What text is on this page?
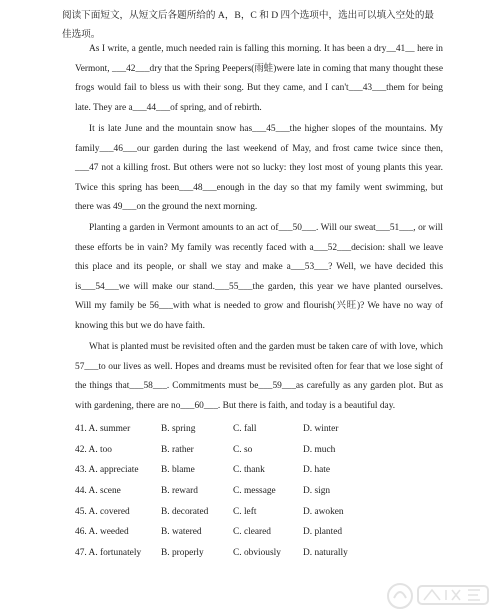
阅读下面短文，从短文后各题所给的 A，B，C 和 D 四个选项中，选出可以填入空处的最佳选项。
As I write, a gentle, much needed rain is falling this morning. It has been a dry__41__ here in Vermont, ___42___dry that the Spring Peepers(雨蛙)were late in coming that many thought these frogs would fail to bless us with their song. But they came, and I can't___43___them for being late. They are a___44___of spring, and of rebirth.
It is late June and the mountain snow has___45___the higher slopes of the mountains. My family___46___our garden during the last weekend of May, and frost came twice since then, ___47 not a killing frost. But others were not so lucky: they lost most of young plants this year. Twice this spring has been___48___enough in the day so that my family went swimming, but there was 49___on the ground the next morning.
Planting a garden in Vermont amounts to an act of___50___. Will our sweat___51___, or will these efforts be in vain? My family was recently faced with a___52___decision: shall we leave this place and its people, or shall we stay and make a___53___? Well, we have decided this is___54___we will make our stand.___55___the garden, this year we have planted ourselves. Will my family be 56___with what is needed to grow and flourish(兴旺)? We have no way of knowing this but we do have faith.
What is planted must be revisited often and the garden must be taken care of with love, which 57___to our lives as well. Hopes and dreams must be revisited often for fear that we lose sight of the things that___58___. Commitments must be___59___as carefully as any garden plot. But as with gardening, there are no___60___. But there is faith, and today is a beautiful day.
41. A. summer	B. spring	C. fall	D. winter
42. A. too	B. rather	C. so	D. much
43. A. appreciate	B. blame	C. thank	D. hate
44. A. scene	B. reward	C. message	D. sign
45. A. covered	B. decorated	C. left	D. awoken
46. A. weeded	B. watered	C. cleared	D. planted
47. A. fortunately	B. properly	C. obviously	D. naturally
